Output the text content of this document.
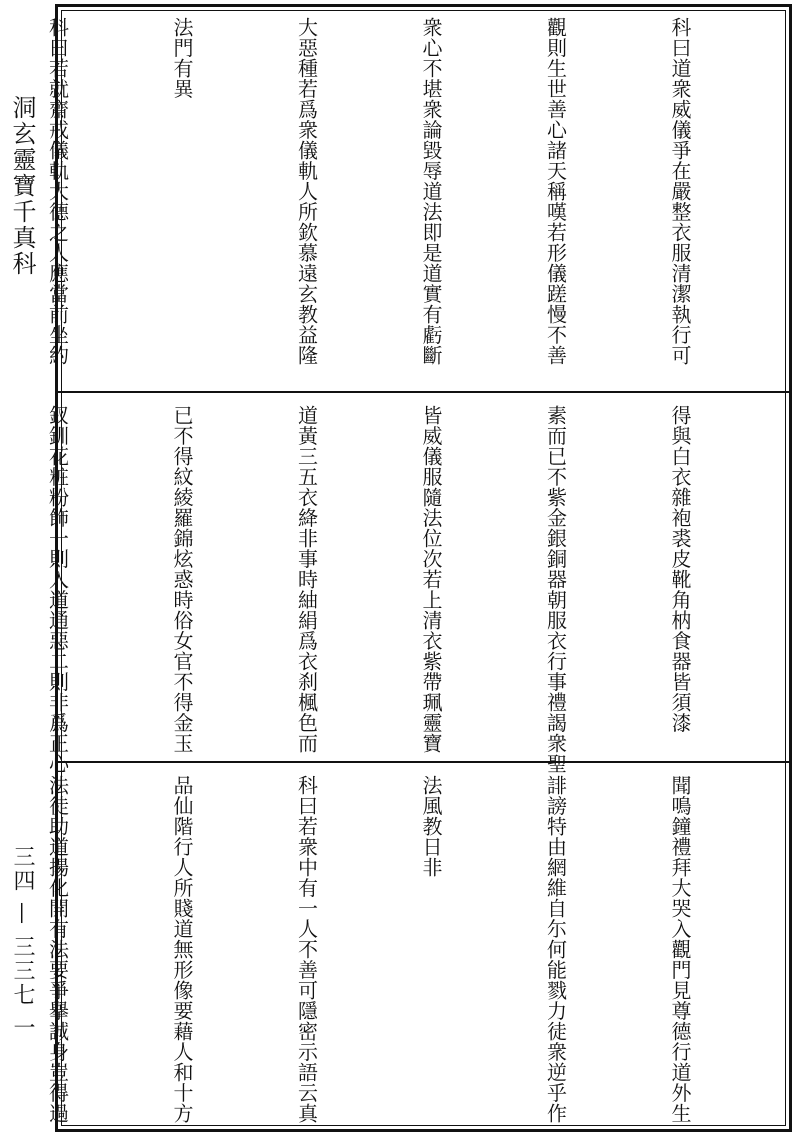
洞玄靈寶千真科
三四 — 三三七 一

科曰道衆威儀爭在嚴整衣服清潔執行可

觀則生世善心諸天稱嘆若形儀蹉慢不善

衆心不堪衆論毀辱道法即是道實有虧斷

大惡種若爲衆儀軌人所欽慕遠玄教益隆

法門有異

科曰若就齋戒儀軌大德之人應當前坐約

得與白衣雜袍裘皮靴角枘食器皆須漆

素而已不紫金銀銅器朝服衣行事禮謁衆聖

皆威儀服隨法位次若上清衣紫帶珮靈寶

道黃三五衣絳非事時紬絹爲衣刹楓色而

已不得紋綾羅錦炫惑時俗女官不得金玉

釵釧花粧粉飾一則入道通惡二則非爲正心

聞鳴鐘禮拜大哭入觀門見尊德行道外生

誹謗特由網維自尓何能戮力徒衆逆乎作

法風教日非

科曰若衆中有一人不善可隱密示語云真

品仙階行人所賤道無形像要藉人和十方

法徒助道揚化開有法要爭擧誠身豈得過
